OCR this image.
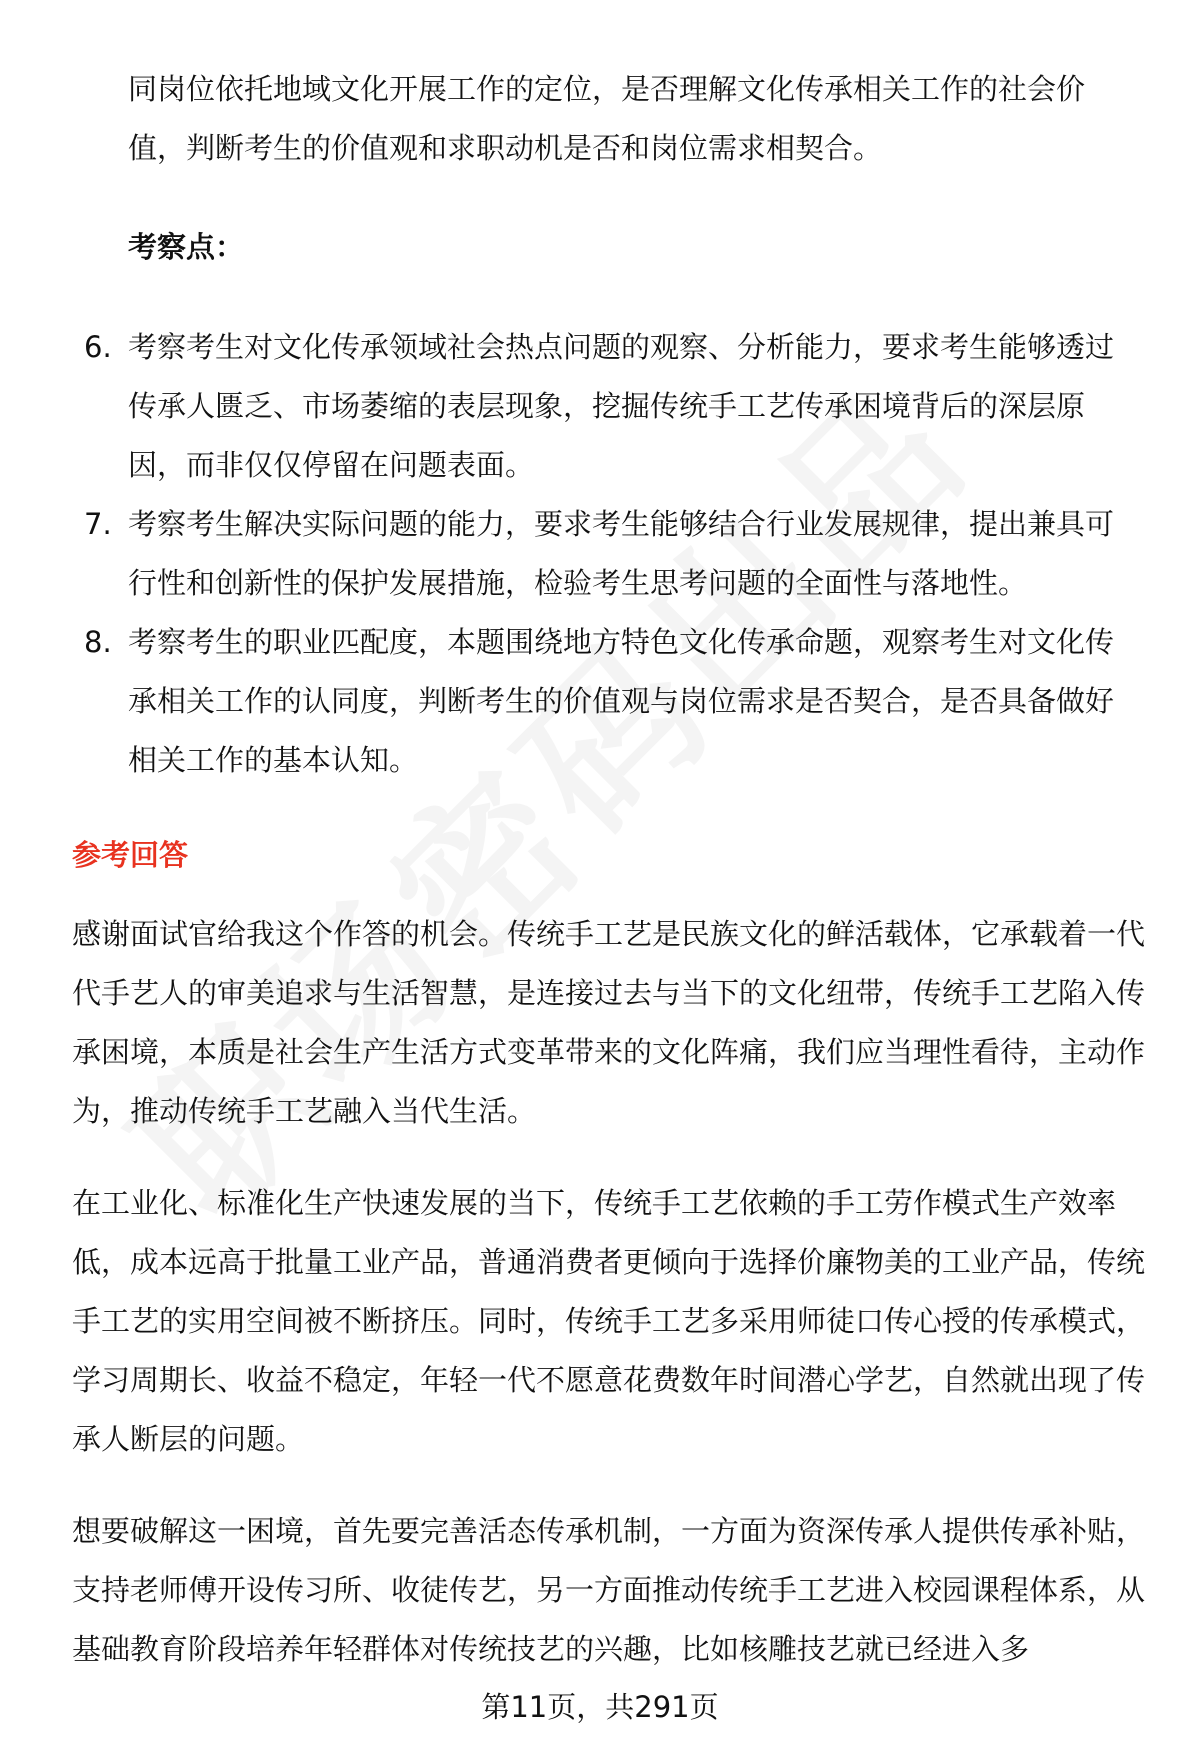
同岗位依托地域文化开展工作的定位，是否理解文化传承相关工作的社会价值，判断考生的价值观和求职动机是否和岗位需求相契合。

考察点：

6. 考察考生对文化传承领域社会热点问题的观察、分析能力，要求考生能够透过传承人匮乏、市场萎缩的表层现象，挖掘传统手工艺传承困境背后的深层原因，而非仅仅停留在问题表面。
7. 考察考生解决实际问题的能力，要求考生能够结合行业发展规律，提出兼具可行性和创新性的保护发展措施，检验考生思考问题的全面性与落地性。
8. 考察考生的职业匹配度，本题围绕地方特色文化传承命题，观察考生对文化传承相关工作的认同度，判断考生的价值观与岗位需求是否契合，是否具备做好相关工作的基本认知。

参考回答

感谢面试官给我这个作答的机会。传统手工艺是民族文化的鲜活载体，它承载着一代代手艺人的审美追求与生活智慧，是连接过去与当下的文化纽带，传统手工艺陷入传承困境，本质是社会生产生活方式变革带来的文化阵痛，我们应当理性看待，主动作为，推动传统手工艺融入当代生活。

在工业化、标准化生产快速发展的当下，传统手工艺依赖的手工劳作模式生产效率低，成本远高于批量工业产品，普通消费者更倾向于选择价廉物美的工业产品，传统手工艺的实用空间被不断挤压。同时，传统手工艺多采用师徒口传心授的传承模式，学习周期长、收益不稳定，年轻一代不愿意花费数年时间潜心学艺，自然就出现了传承人断层的问题。

想要破解这一困境，首先要完善活态传承机制，一方面为资深传承人提供传承补贴，支持老师傅开设传习所、收徒传艺，另一方面推动传统手工艺进入校园课程体系，从基础教育阶段培养年轻群体对传统技艺的兴趣，比如核雕技艺就已经进入多

第11页，共291页
